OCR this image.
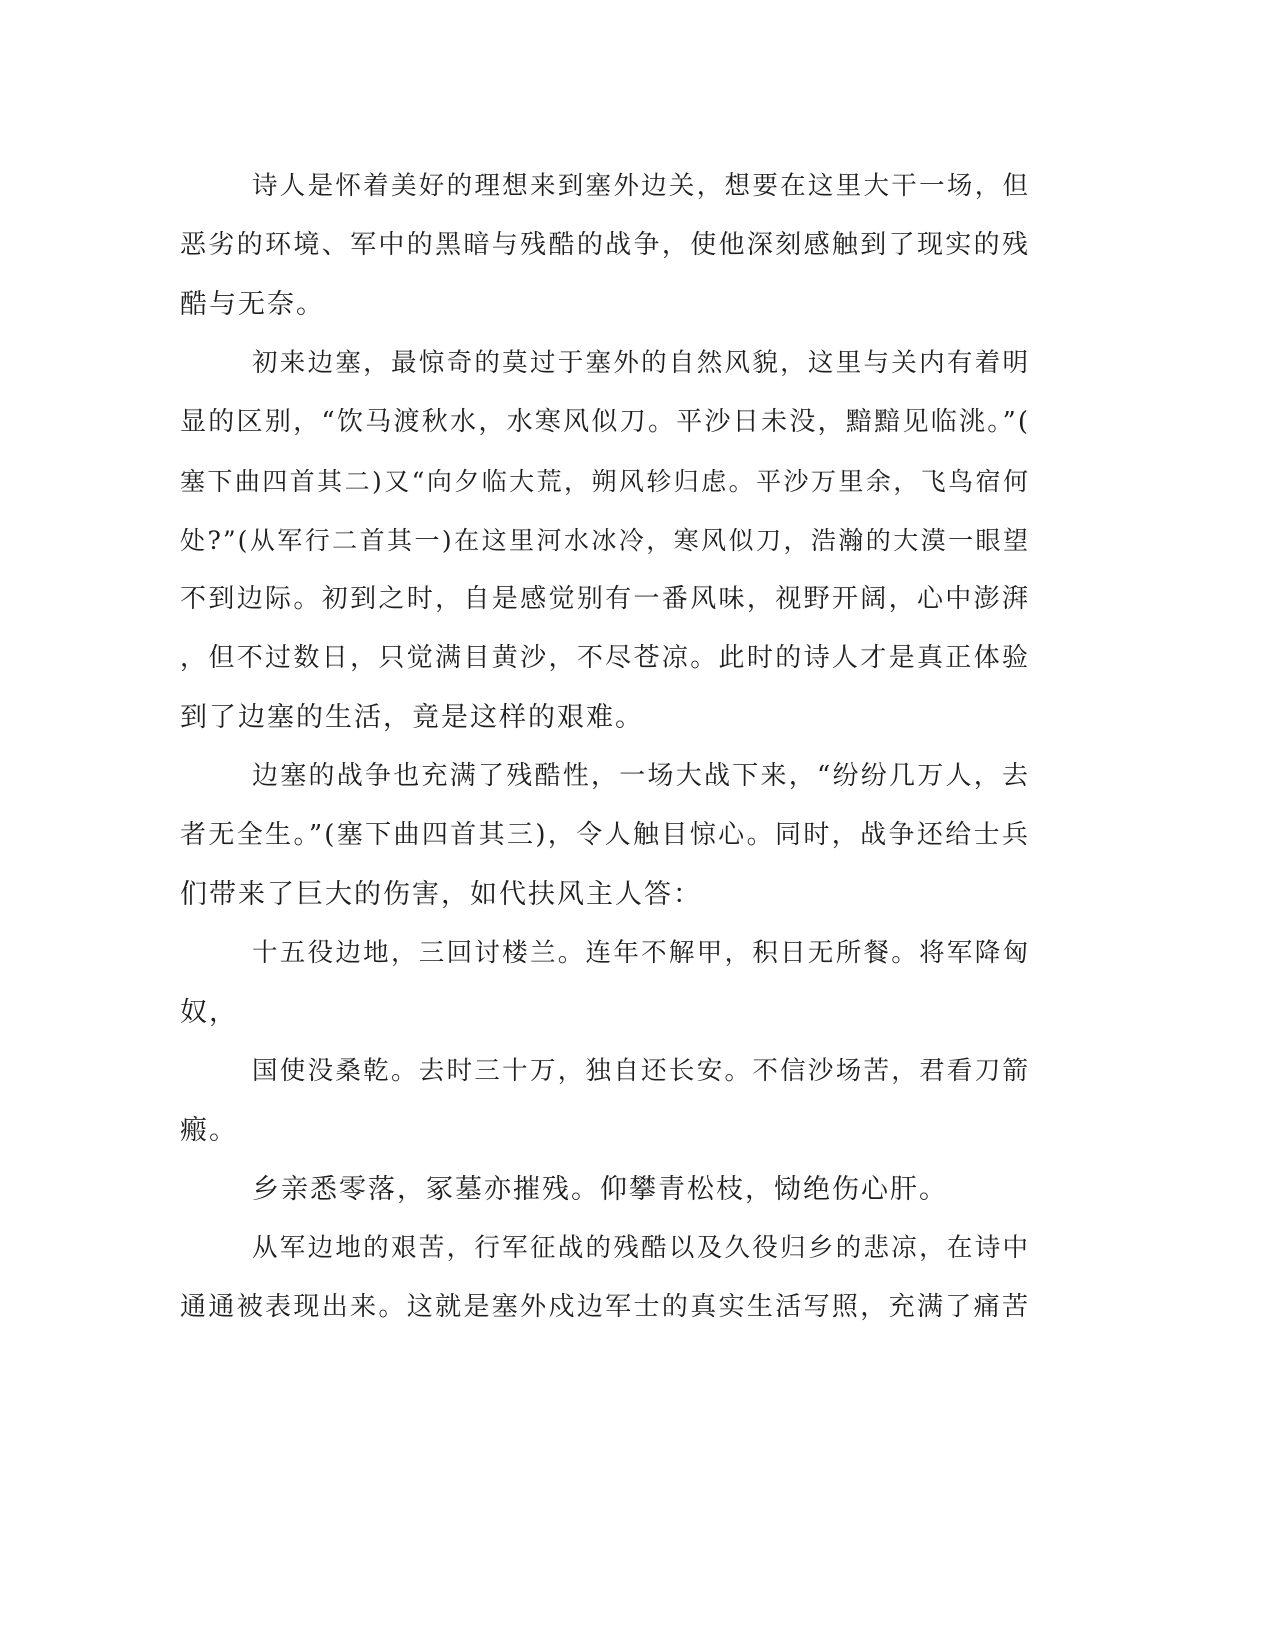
诗人是怀着美好的理想来到塞外边关，想要在这里大干一场，但
恶劣的环境、军中的黑暗与残酷的战争，使他深刻感触到了现实的残
酷与无奈。
初来边塞，最惊奇的莫过于塞外的自然风貌，这里与关内有着明
显的区别，“饮马渡秋水，水寒风似刀。平沙日未没，黯黯见临洮。”(
塞下曲四首其二)又“向夕临大荒，朔风轸归虑。平沙万里余，飞鸟宿何
处?”(从军行二首其一)在这里河水冰冷，寒风似刀，浩瀚的大漠一眼望
不到边际。初到之时，自是感觉别有一番风味，视野开阔，心中澎湃
，但不过数日，只觉满目黄沙，不尽苍凉。此时的诗人才是真正体验
到了边塞的生活，竟是这样的艰难。
边塞的战争也充满了残酷性，一场大战下来，“纷纷几万人，去
者无全生。”(塞下曲四首其三)，令人触目惊心。同时，战争还给士兵
们带来了巨大的伤害，如代扶风主人答：
十五役边地，三回讨楼兰。连年不解甲，积日无所餐。将军降匈
奴，
国使没桑乾。去时三十万，独自还长安。不信沙场苦，君看刀箭
瘢。
乡亲悉零落，冢墓亦摧残。仰攀青松枝，恸绝伤心肝。
从军边地的艰苦，行军征战的残酷以及久役归乡的悲凉，在诗中
通通被表现出来。这就是塞外戍边军士的真实生活写照，充满了痛苦
